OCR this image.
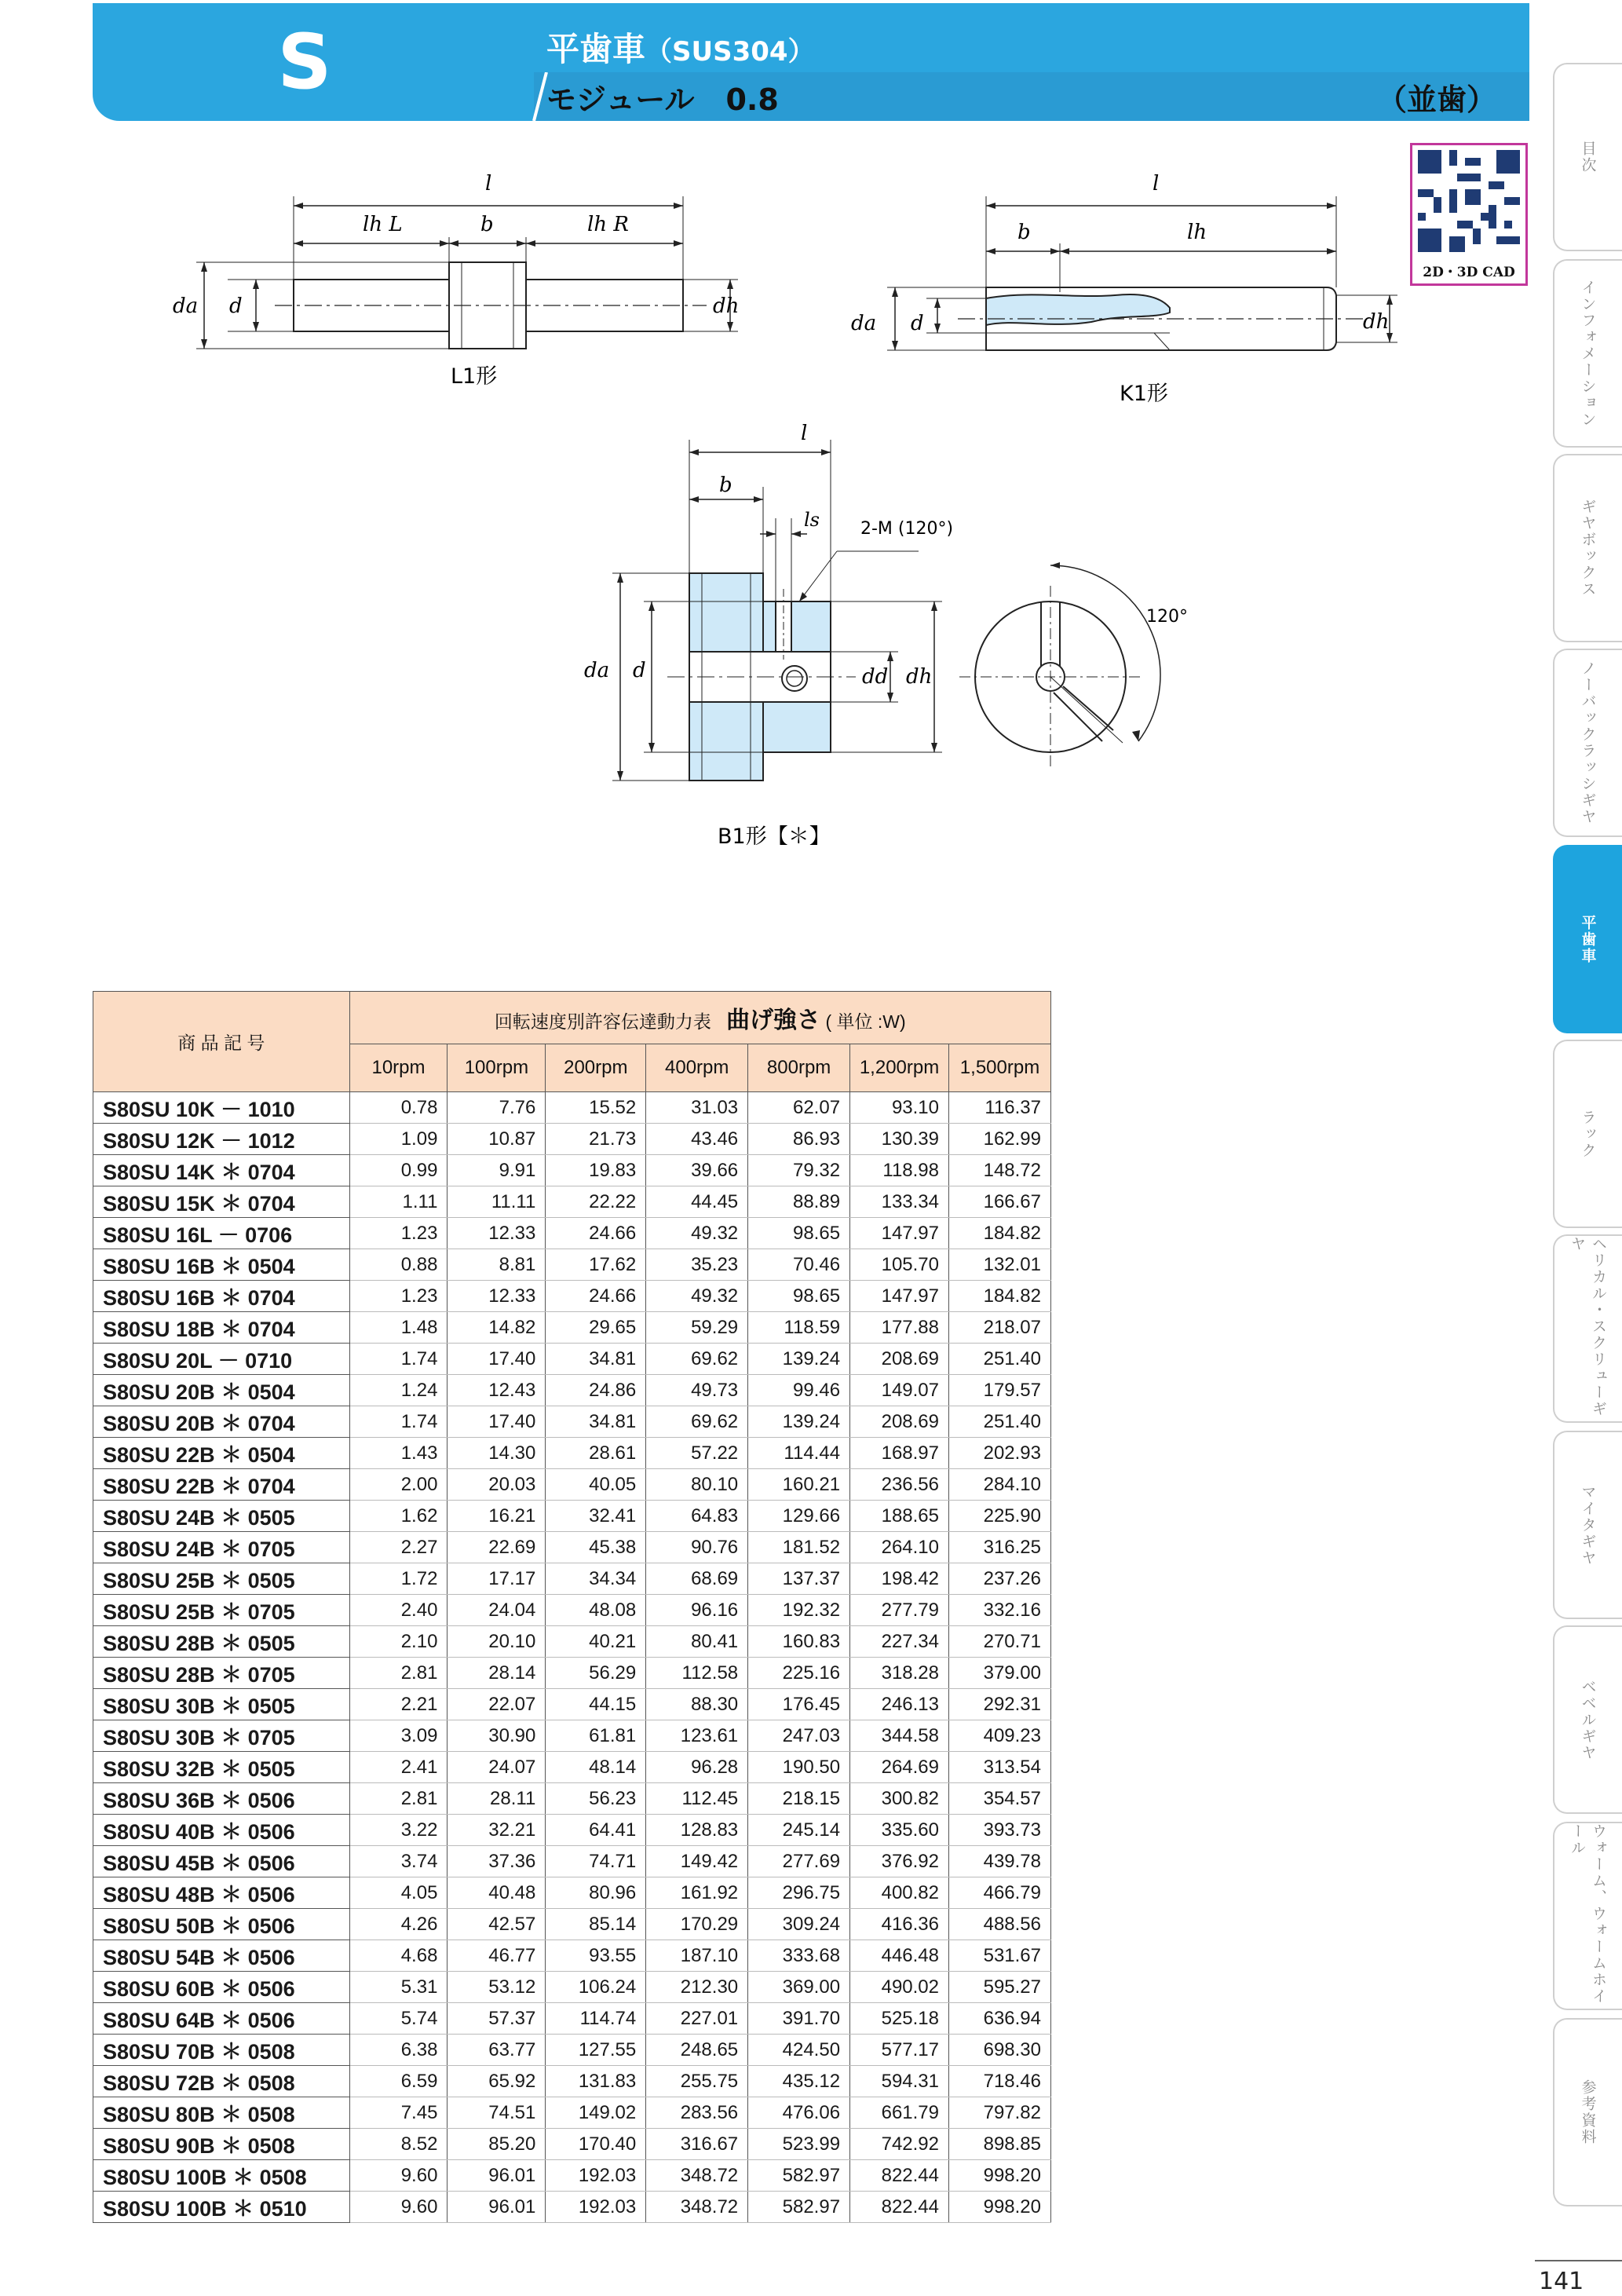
S	平歯車（SUS304）
モジュール 0.8	（並歯）
2D・3D CAD
l
lh L	b	lh R
da d	dh
L1形
l
b	lh
da d	dh
K1形
l
b
ls 2-M (120°)
da d	dd dh
120°
B1形【＊】
商 品 記 号	回転速度別許容伝達動力表 曲げ強さ ( 単位 :W)						
	10rpm	100rpm	200rpm	400rpm	800rpm	1,200rpm	1,500rpm
S80SU 10K － 1010	0.78	7.76	15.52	31.03	62.07	93.10	116.37
S80SU 12K － 1012	1.09	10.87	21.73	43.46	86.93	130.39	162.99
S80SU 14K ＊ 0704	0.99	9.91	19.83	39.66	79.32	118.98	148.72
S80SU 15K ＊ 0704	1.11	11.11	22.22	44.45	88.89	133.34	166.67
S80SU 16L － 0706	1.23	12.33	24.66	49.32	98.65	147.97	184.82
S80SU 16B ＊ 0504	0.88	8.81	17.62	35.23	70.46	105.70	132.01
S80SU 16B ＊ 0704	1.23	12.33	24.66	49.32	98.65	147.97	184.82
S80SU 18B ＊ 0704	1.48	14.82	29.65	59.29	118.59	177.88	218.07
S80SU 20L － 0710	1.74	17.40	34.81	69.62	139.24	208.69	251.40
S80SU 20B ＊ 0504	1.24	12.43	24.86	49.73	99.46	149.07	179.57
S80SU 20B ＊ 0704	1.74	17.40	34.81	69.62	139.24	208.69	251.40
S80SU 22B ＊ 0504	1.43	14.30	28.61	57.22	114.44	168.97	202.93
S80SU 22B ＊ 0704	2.00	20.03	40.05	80.10	160.21	236.56	284.10
S80SU 24B ＊ 0505	1.62	16.21	32.41	64.83	129.66	188.65	225.90
S80SU 24B ＊ 0705	2.27	22.69	45.38	90.76	181.52	264.10	316.25
S80SU 25B ＊ 0505	1.72	17.17	34.34	68.69	137.37	198.42	237.26
S80SU 25B ＊ 0705	2.40	24.04	48.08	96.16	192.32	277.79	332.16
S80SU 28B ＊ 0505	2.10	20.10	40.21	80.41	160.83	227.34	270.71
S80SU 28B ＊ 0705	2.81	28.14	56.29	112.58	225.16	318.28	379.00
S80SU 30B ＊ 0505	2.21	22.07	44.15	88.30	176.45	246.13	292.31
S80SU 30B ＊ 0705	3.09	30.90	61.81	123.61	247.03	344.58	409.23
S80SU 32B ＊ 0505	2.41	24.07	48.14	96.28	190.50	264.69	313.54
S80SU 36B ＊ 0506	2.81	28.11	56.23	112.45	218.15	300.82	354.57
S80SU 40B ＊ 0506	3.22	32.21	64.41	128.83	245.14	335.60	393.73
S80SU 45B ＊ 0506	3.74	37.36	74.71	149.42	277.69	376.92	439.78
S80SU 48B ＊ 0506	4.05	40.48	80.96	161.92	296.75	400.82	466.79
S80SU 50B ＊ 0506	4.26	42.57	85.14	170.29	309.24	416.36	488.56
S80SU 54B ＊ 0506	4.68	46.77	93.55	187.10	333.68	446.48	531.67
S80SU 60B ＊ 0506	5.31	53.12	106.24	212.30	369.00	490.02	595.27
S80SU 64B ＊ 0506	5.74	57.37	114.74	227.01	391.70	525.18	636.94
S80SU 70B ＊ 0508	6.38	63.77	127.55	248.65	424.50	577.17	698.30
S80SU 72B ＊ 0508	6.59	65.92	131.83	255.75	435.12	594.31	718.46
S80SU 80B ＊ 0508	7.45	74.51	149.02	283.56	476.06	661.79	797.82
S80SU 90B ＊ 0508	8.52	85.20	170.40	316.67	523.99	742.92	898.85
S80SU 100B ＊ 0508	9.60	96.01	192.03	348.72	582.97	822.44	998.20
S80SU 100B ＊ 0510	9.60	96.01	192.03	348.72	582.97	822.44	998.20
目次
インフォメーション
ギヤボックス
ノーバックラッシギヤ
平歯車
ラック
ヘリカル・スクリューギヤ
マイタギヤ
ベベルギヤ
ウォーム、ウォームホイール
参考資料
141
